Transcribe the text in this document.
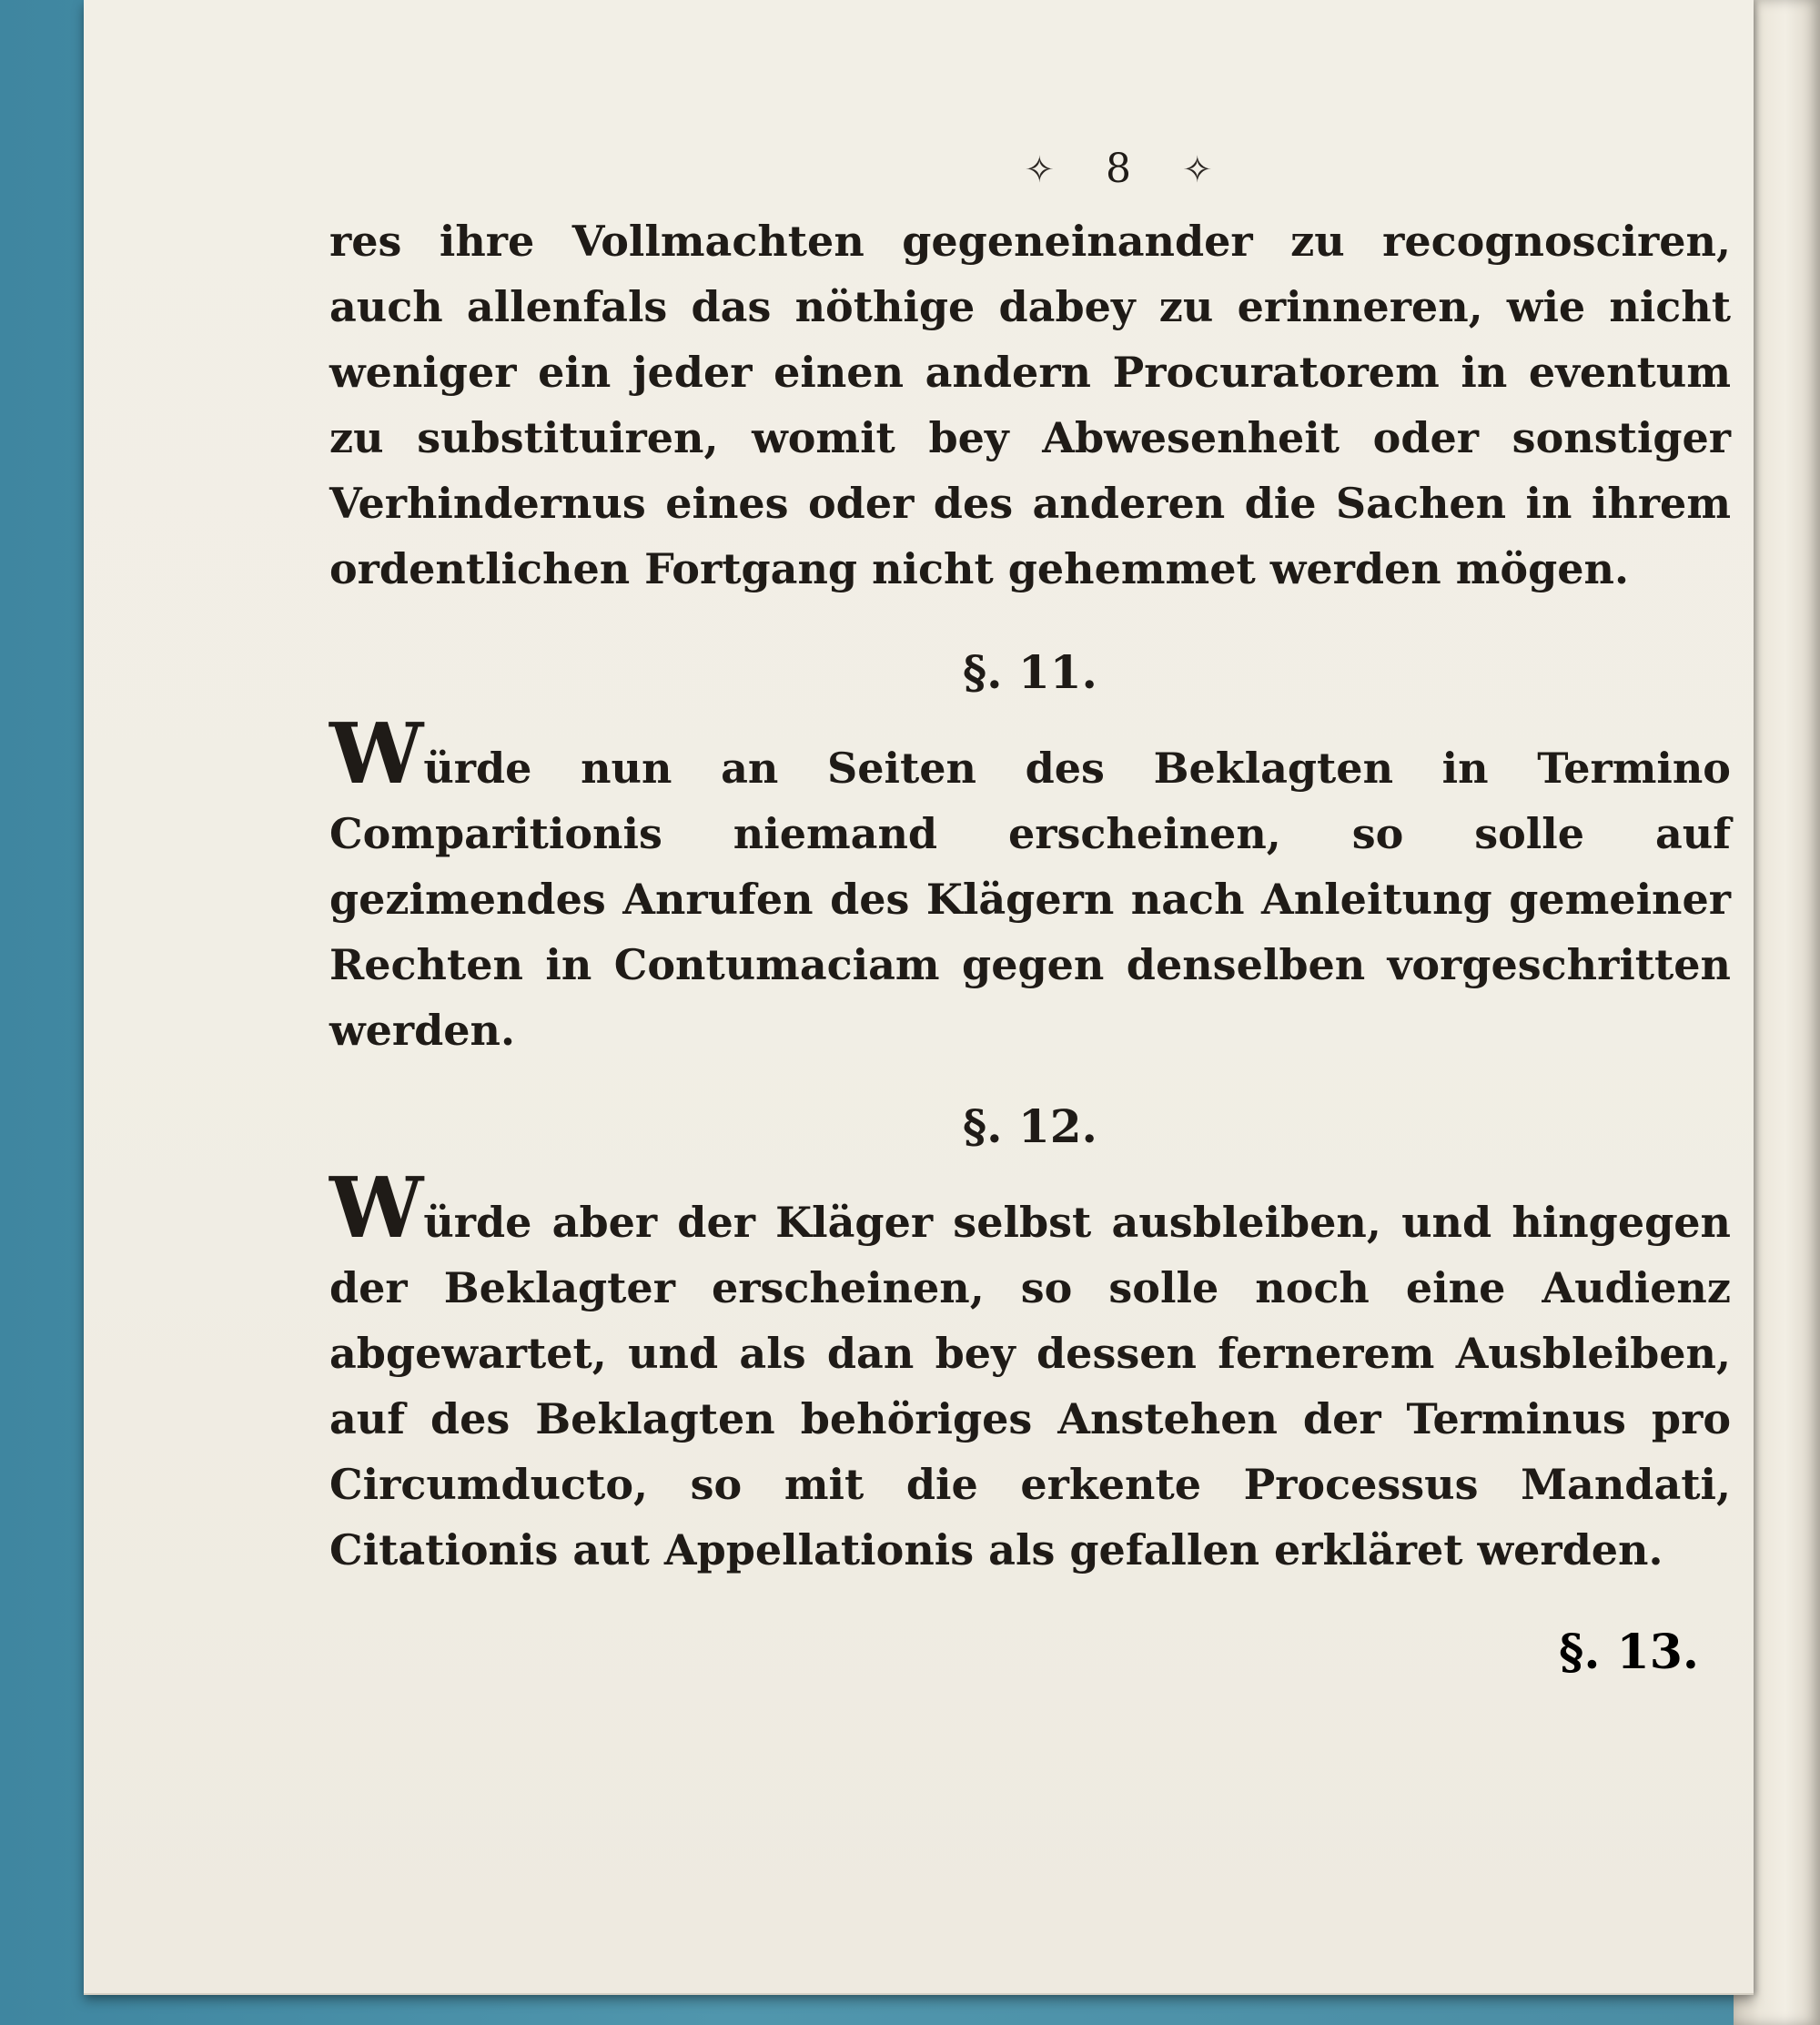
✧ 8 ✧

res ihre Vollmachten gegeneinander zu recognosciren, auch allenfals das nöthige dabey zu erinneren, wie nicht weniger ein jeder einen andern Procuratorem in eventum zu substituiren, womit bey Abwesenheit oder sonstiger Verhindernus eines oder des anderen die Sachen in ihrem ordentlichen Fortgang nicht gehemmet werden mögen.

§. 11.

Würde nun an Seiten des Beklagten in Termino Comparitionis niemand erscheinen, so solle auf gezimendes Anrufen des Klägern nach Anleitung gemeiner Rechten in Contumaciam gegen denselben vorgeschritten werden.

§. 12.

Würde aber der Kläger selbst ausbleiben, und hingegen der Beklagter erscheinen, so solle noch eine Audienz abgewartet, und als dan bey dessen fernerem Ausbleiben, auf des Beklagten behöriges Anstehen der Terminus pro Circumducto, so mit die erkente Processus Mandati, Citationis aut Appellationis als gefallen erkläret werden.

§. 13.
